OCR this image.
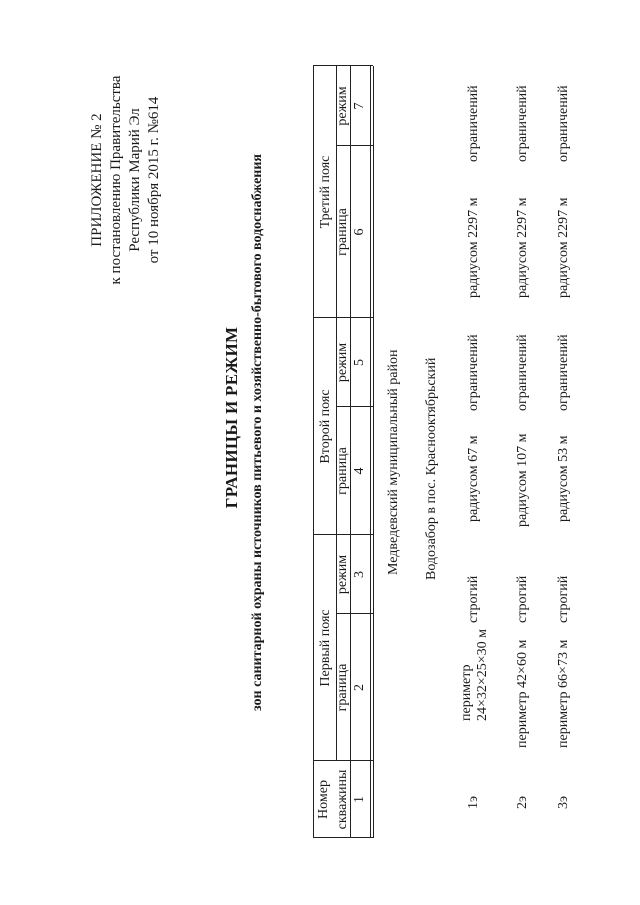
ПРИЛОЖЕНИЕ № 2 к постановлению Правительства Республики Марий Эл от 10 ноября 2015 г. №614
ГРАНИЦЫ И РЕЖИМ зон санитарной охраны источников питьевого и хозяйственно-бытового водоснабжения
Номер скважины
Первый пояс
Второй пояс
Третий пояс
граница
режим
граница
режим
граница
режим
1
2
3
4
5
6
7
Медведевский муниципальный район Водозабор в пос. Краснооктябрьский
1э
периметр 24×32×25×30 м
строгий
радиусом 67 м
ограничений
радиусом 2297 м
ограничений
2э
периметр 42×60 м
строгий
радиусом 107 м
ограничений
радиусом 2297 м
ограничений
3э
периметр 66×73 м
строгий
радиусом 53 м
ограничений
радиусом 2297 м
ограничений
